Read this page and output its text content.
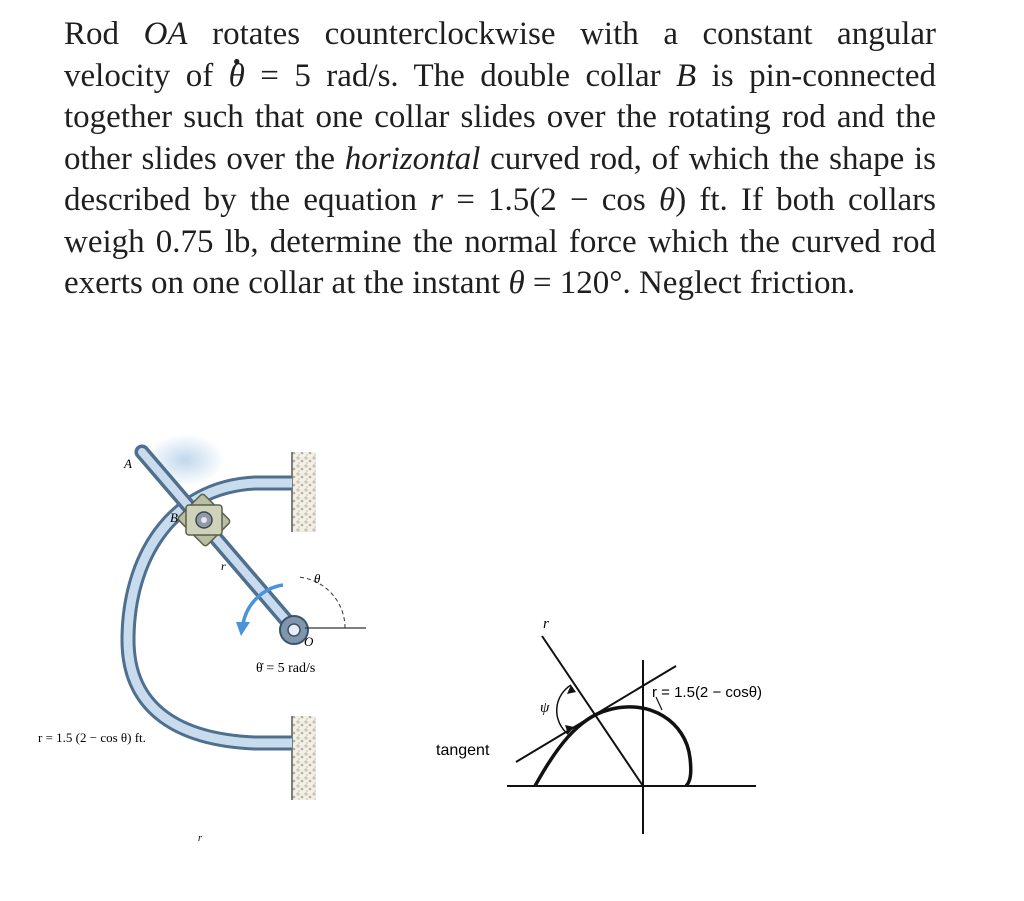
Rod OA rotates counterclockwise with a constant angular velocity of . θ = 5 rad/s. The double collar B is pin-connected together such that one collar slides over the rotating rod and the other slides over the horizontal curved rod, of which the shape is described by the equation r = 1.5(2 − cos θ) ft. If both collars weigh 0.75 lb, determine the normal force which the curved rod exerts on one collar at the instant θ = 120°. Neglect friction.

A
B
r
θ
O
θ̇ = 5 rad/s
r = 1.5 (2 − cos θ) ft.
r
r
ψ
r = 1.5(2 − cosθ)
tangent
